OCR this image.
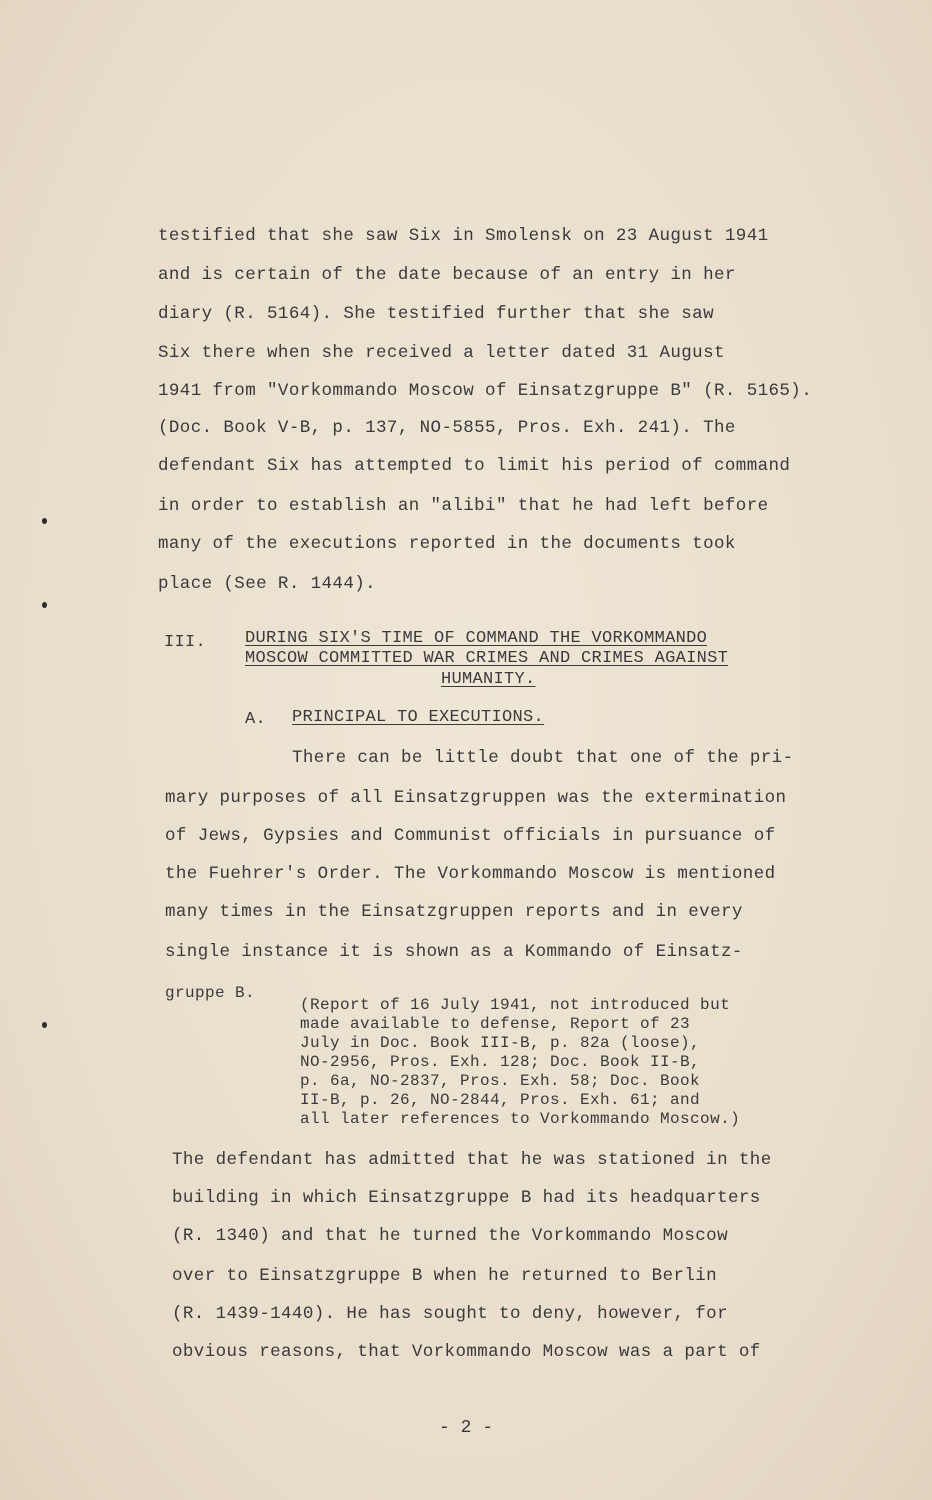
testified that she saw Six in Smolensk on 23 August 1941
and is certain of the date because of an entry in her
diary (R. 5164). She testified further that she saw
Six there when she received a letter dated 31 August
1941 from "Vorkommando Moscow of Einsatzgruppe B" (R. 5165).
(Doc. Book V-B, p. 137, NO-5855, Pros. Exh. 241). The
defendant Six has attempted to limit his period of command
in order to establish an "alibi" that he had left before
many of the executions reported in the documents took
place (See R. 1444).
III. DURING SIX'S TIME OF COMMAND THE VORKOMMANDO
MOSCOW COMMITTED WAR CRIMES AND CRIMES AGAINST
HUMANITY.
A. PRINCIPAL TO EXECUTIONS.
There can be little doubt that one of the pri-
mary purposes of all Einsatzgruppen was the extermination
of Jews, Gypsies and Communist officials in pursuance of
the Fuehrer's Order. The Vorkommando Moscow is mentioned
many times in the Einsatzgruppen reports and in every
single instance it is shown as a Kommando of Einsatz-
gruppe B.
(Report of 16 July 1941, not introduced but
made available to defense, Report of 23
July in Doc. Book III-B, p. 82a (loose),
NO-2956, Pros. Exh. 128; Doc. Book II-B,
p. 6a, NO-2837, Pros. Exh. 58; Doc. Book
II-B, p. 26, NO-2844, Pros. Exh. 61; and
all later references to Vorkommando Moscow.)
The defendant has admitted that he was stationed in the
building in which Einsatzgruppe B had its headquarters
(R. 1340) and that he turned the Vorkommando Moscow
over to Einsatzgruppe B when he returned to Berlin
(R. 1439-1440). He has sought to deny, however, for
obvious reasons, that Vorkommando Moscow was a part of
- 2 -
